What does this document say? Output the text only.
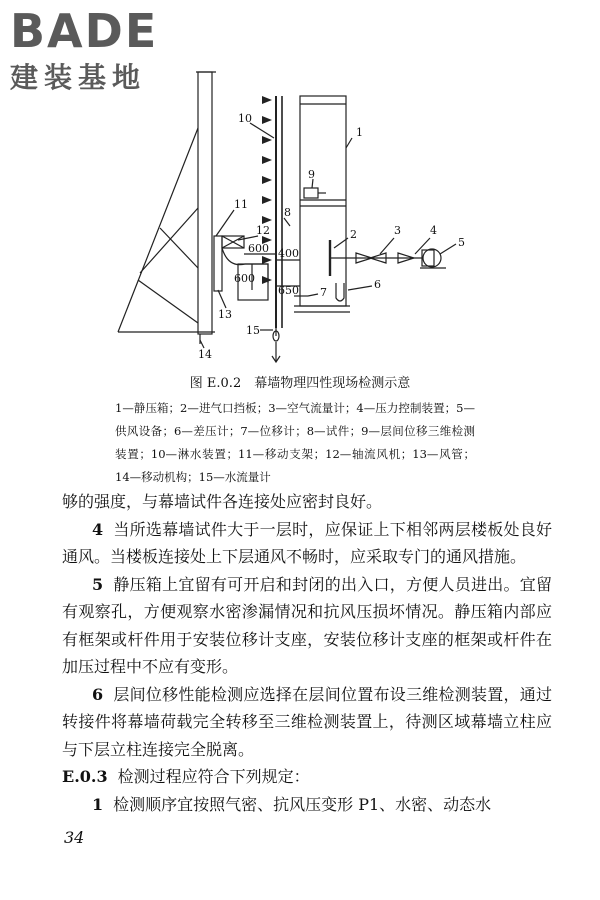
BADE
建装基地
1
2	3	4
5
6
7
8
9
10
11
12
13
14
15
600
600
400
650
图 E.0.2　幕墙物理四性现场检测示意
1—静压箱；2—进气口挡板；3—空气流量计；4—压力控制装置；5—供风设备；6—差压计；7—位移计；8—试件；9—层间位移三维检测装置；10—淋水装置；11—移动支架；12—轴流风机；13—风管；14—移动机构；15—水流量计

够的强度，与幕墙试件各连接处应密封良好。

4 当所选幕墙试件大于一层时，应保证上下相邻两层楼板处良好通风。当楼板连接处上下层通风不畅时，应采取专门的通风措施。

5 静压箱上宜留有可开启和封闭的出入口，方便人员进出。宜留有观察孔，方便观察水密渗漏情况和抗风压损坏情况。静压箱内部应有框架或杆件用于安装位移计支座，安装位移计支座的框架或杆件在加压过程中不应有变形。

6 层间位移性能检测应选择在层间位置布设三维检测装置，通过转接件将幕墙荷载完全转移至三维检测装置上，待测区域幕墙立柱应与下层立柱连接完全脱离。

E.0.3 检测过程应符合下列规定：

1 检测顺序宜按照气密、抗风压变形 P1、水密、动态水

34
